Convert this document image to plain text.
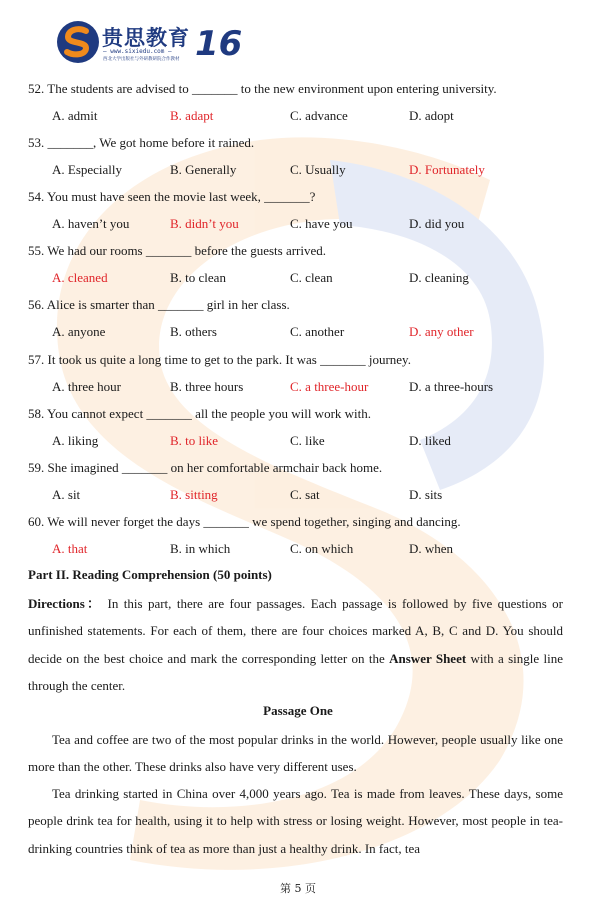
贵思教育
— www.sixiedu.com —
西北大学出版社与外研教研院合作教材 16
52. The students are advised to _______ to the new environment upon entering university.
A. admit	B. adapt	C. advance	D. adopt
53. _______, We got home before it rained.
A. Especially	B. Generally	C. Usually	D. Fortunately
54. You must have seen the movie last week, _______?
A. haven’t you	B. didn’t you	C. have you	D. did you
55. We had our rooms _______ before the guests arrived.
A. cleaned	B. to clean	C. clean	D. cleaning
56. Alice is smarter than _______ girl in her class.
A. anyone	B. others	C. another	D. any other
57. It took us quite a long time to get to the park. It was _______ journey.
A. three hour	B. three hours	C. a three-hour	D. a three-hours
58. You cannot expect _______ all the people you will work with.
A. liking	B. to like	C. like	D. liked
59. She imagined _______ on her comfortable armchair back home.
A. sit	B. sitting	C. sat	D. sits
60. We will never forget the days _______ we spend together, singing and dancing.
A. that	B. in which	C. on which	D. when
Part II. Reading Comprehension (50 points)

Directions： In this part, there are four passages. Each passage is followed by five questions or unfinished statements. For each of them, there are four choices marked A, B, C and D. You should decide on the best choice and mark the corresponding letter on the Answer Sheet with a single line through the center.

Passage One

Tea and coffee are two of the most popular drinks in the world. However, people usually like one more than the other. These drinks also have very different uses.

Tea drinking started in China over 4,000 years ago. Tea is made from leaves. These days, some people drink tea for health, using it to help with stress or losing weight. However, most people in tea-drinking countries think of tea as more than just a healthy drink. In fact, tea

第 5 页
